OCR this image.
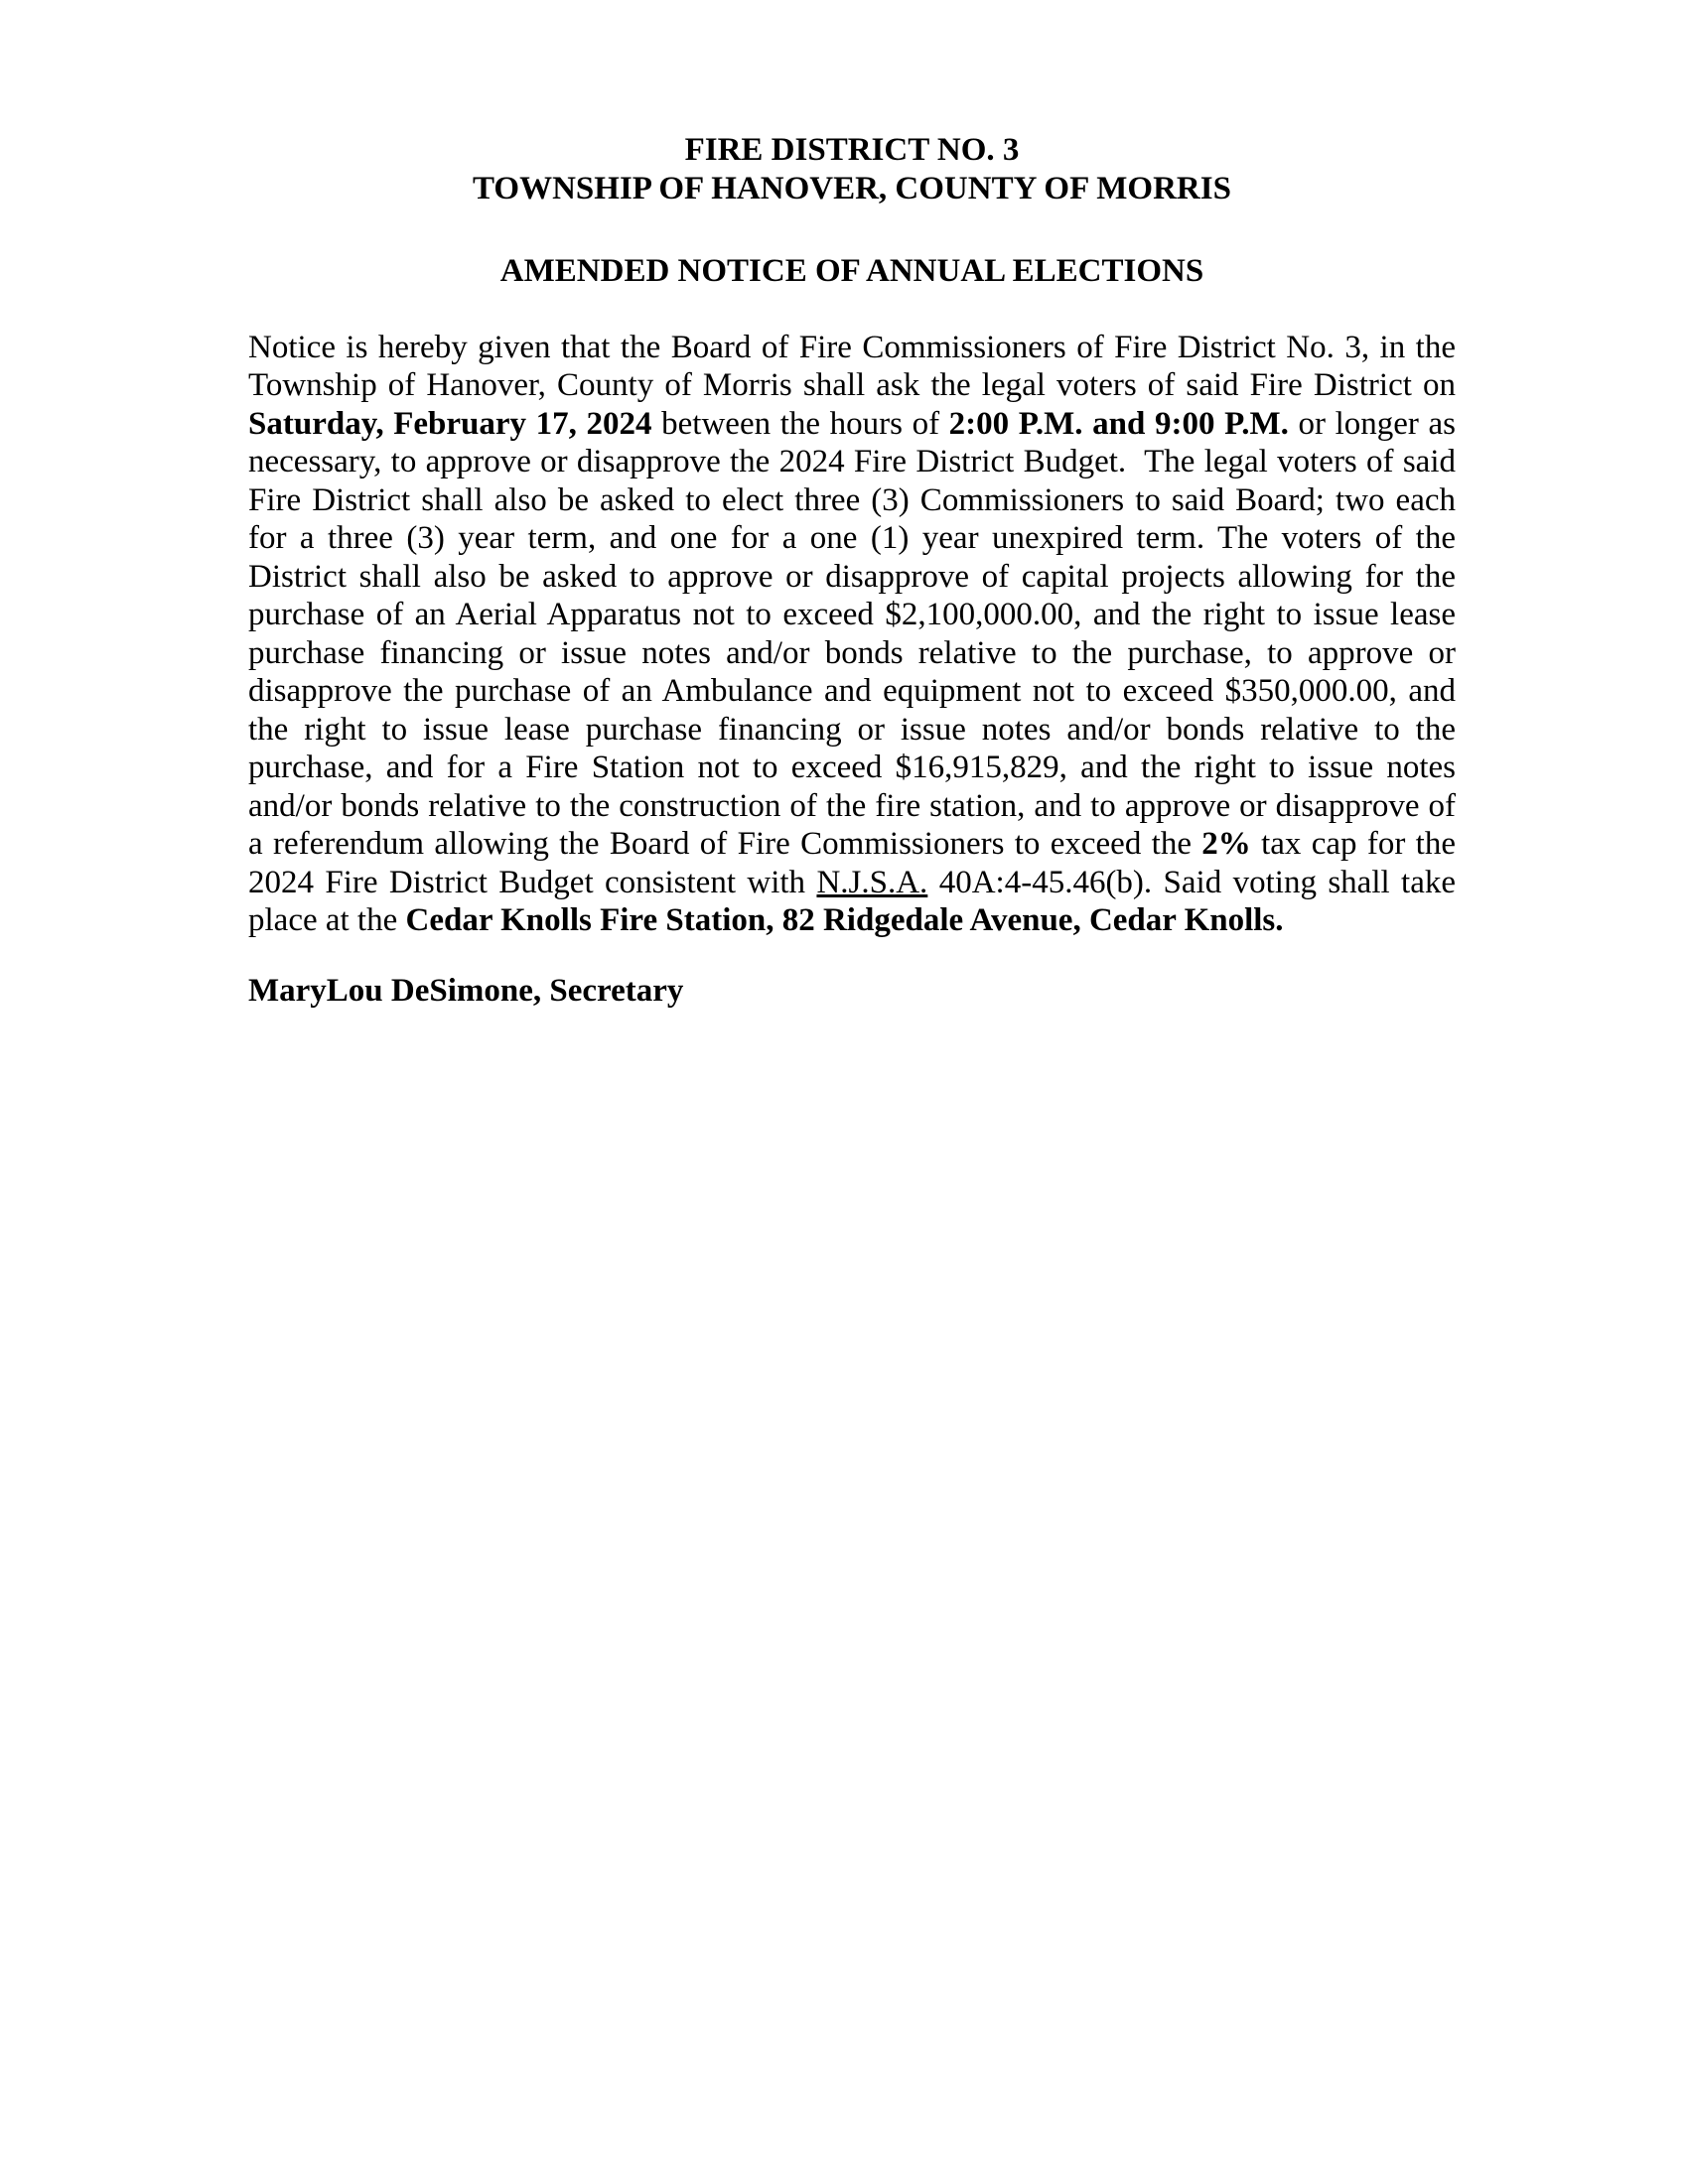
FIRE DISTRICT NO. 3
TOWNSHIP OF HANOVER, COUNTY OF MORRIS
AMENDED NOTICE OF ANNUAL ELECTIONS

Notice is hereby given that the Board of Fire Commissioners of Fire District No. 3, in the Township of Hanover, County of Morris shall ask the legal voters of said Fire District on Saturday, February 17, 2024 between the hours of 2:00 P.M. and 9:00 P.M. or longer as necessary, to approve or disapprove the 2024 Fire District Budget.  The legal voters of said Fire District shall also be asked to elect three (3) Commissioners to said Board; two each for a three (3) year term, and one for a one (1) year unexpired term. The voters of the District shall also be asked to approve or disapprove of capital projects allowing for the purchase of an Aerial Apparatus not to exceed $2,100,000.00, and the right to issue lease purchase financing or issue notes and/or bonds relative to the purchase, to approve or disapprove the purchase of an Ambulance and equipment not to exceed $350,000.00, and the right to issue lease purchase financing or issue notes and/or bonds relative to the purchase, and for a Fire Station not to exceed $16,915,829, and the right to issue notes and/or bonds relative to the construction of the fire station, and to approve or disapprove of a referendum allowing the Board of Fire Commissioners to exceed the 2% tax cap for the 2024 Fire District Budget consistent with N.J.S.A. 40A:4-45.46(b). Said voting shall take place at the Cedar Knolls Fire Station, 82 Ridgedale Avenue, Cedar Knolls.

MaryLou DeSimone, Secretary
